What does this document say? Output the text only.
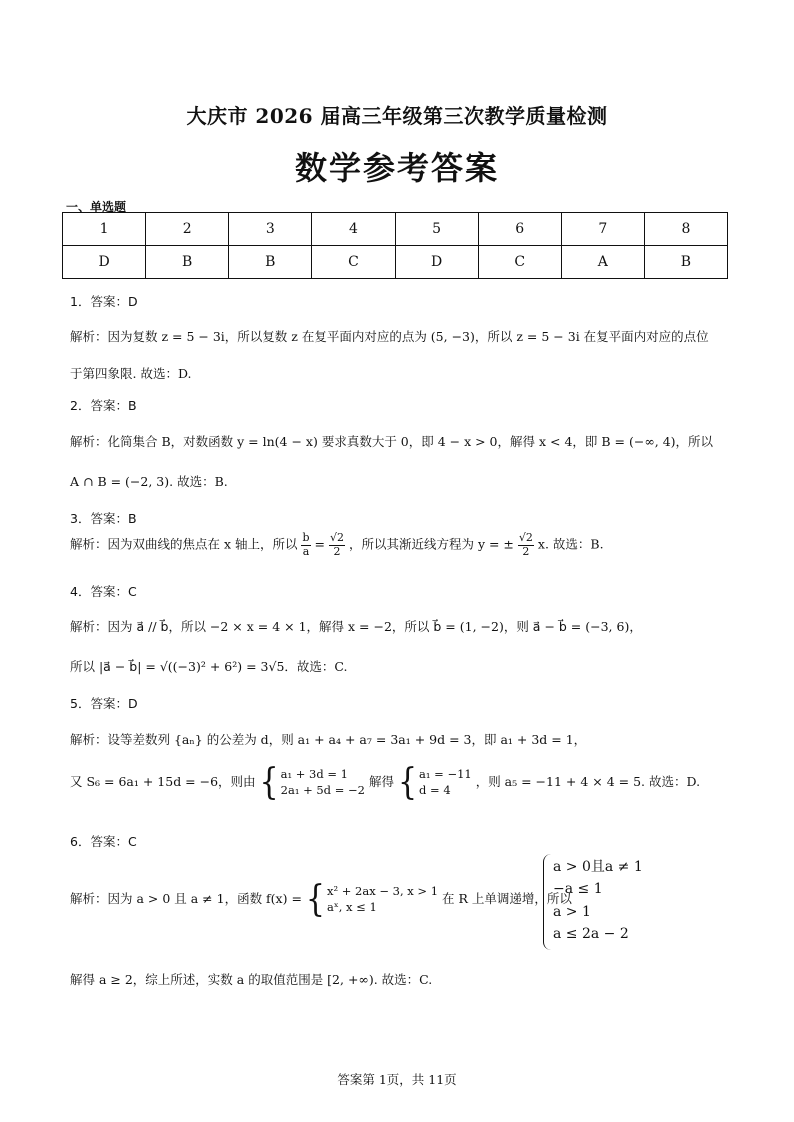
大庆市 2026 届高三年级第三次教学质量检测
数学参考答案
一、单选题
1	2	3	4	5	6	7	8
D	B	B	C	D	C	A	B
1．答案：D
解析：因为复数 z = 5 − 3i，所以复数 z 在复平面内对应的点为 (5, −3)，所以 z = 5 − 3i 在复平面内对应的点位
于第四象限. 故选：D.
2．答案：B
解析：化简集合 B，对数函数 y = ln(4 − x) 要求真数大于 0，即 4 − x > 0，解得 x < 4，即 B = (−∞, 4)，所以
A ∩ B = (−2, 3). 故选：B.
3．答案：B
解析：因为双曲线的焦点在 x 轴上，所以 $\frac{b}{a} = \frac{√2}{2}$ ，所以其渐近线方程为 y = ± $\frac{√2}{2} x$. 故选：B.
4．答案：C
解析：因为 a⃗ // b⃗，所以 −2 × x = 4 × 1，解得 x = −2，所以 b⃗ = (1, −2)，则 a⃗ − b⃗ = (−3, 6)，
所以 |a⃗ − b⃗| = √((−3)² + 6²) = 3√5．故选：C.
5．答案：D
解析：设等差数列 {aₙ} 的公差为 d，则 a₁ + a₄ + a₇ = 3a₁ + 9d = 3，即 a₁ + 3d = 1，
又 S₆ = 6a₁ + 15d = −6，则由 { a₁ + 3d = 1
2a₁ + 5d = −2
解得 { a₁ = −11
d = 4
，则 a₅ = −11 + 4 × 4 = 5. 故选：D.
6．答案：C
解析：因为 a > 0 且 a ≠ 1，函数 f(x) = { x² + 2ax − 3, x > 1
aˣ, x ≤ 1
在 R 上单调递增，所以
a > 0且a ≠ 1
−a ≤ 1
a > 1
a ≤ 2a − 2
解得 a ≥ 2，综上所述，实数 a 的取值范围是 [2, +∞). 故选：C.
答案第 1页，共 11页
